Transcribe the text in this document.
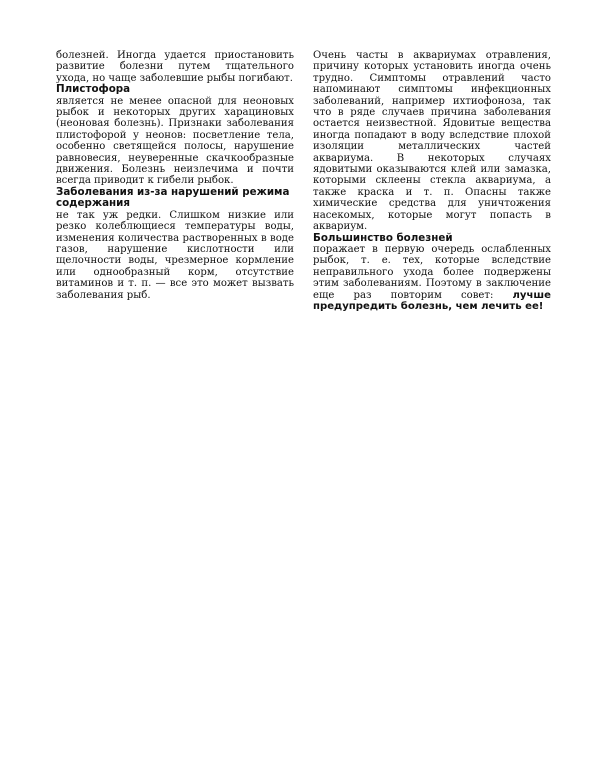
болезней. Иногда удается приостановить развитие болезни путем тщательного ухода, но чаще заболевшие рыбы погибают.

Плистофора

является не менее опасной для неоновых рыбок и некоторых других харациновых (неоновая болезнь). Признаки заболевания плистофорой у неонов: посветление тела, особенно светящейся полосы, нарушение равновесия, неуверенные скачкообразные движения. Болезнь неизлечима и почти всегда приводит к гибели рыбок.

Заболевания из-за нарушений режима содержания

не так уж редки. Слишком низкие или резко колеблющиеся температуры воды, изменения количества растворенных в воде газов, нарушение кислотности или щелочности воды, чрезмерное кормление или однообразный корм, отсутствие витаминов и т. п. — все это может вызвать заболевания рыб.

Очень часты в аквариумах отравления, причину которых установить иногда очень трудно. Симптомы отравлений часто напоминают симптомы инфекционных заболеваний, например ихтиофоноза, так что в ряде случаев причина заболевания остается неизвестной. Ядовитые вещества иногда попадают в воду вследствие плохой изоляции металлических частей аквариума. В некоторых случаях ядовитыми оказываются клей или замазка, которыми склеены стекла аквариума, а также краска и т. п. Опасны также химические средства для уничтожения насекомых, которые могут попасть в аквариум.

Большинство болезней

поражает в первую очередь ослабленных рыбок, т. е. тех, которые вследствие неправильного ухода более подвержены этим заболеваниям. Поэтому в заключение еще раз повторим совет: лучше предупредить болезнь, чем лечить ее!
